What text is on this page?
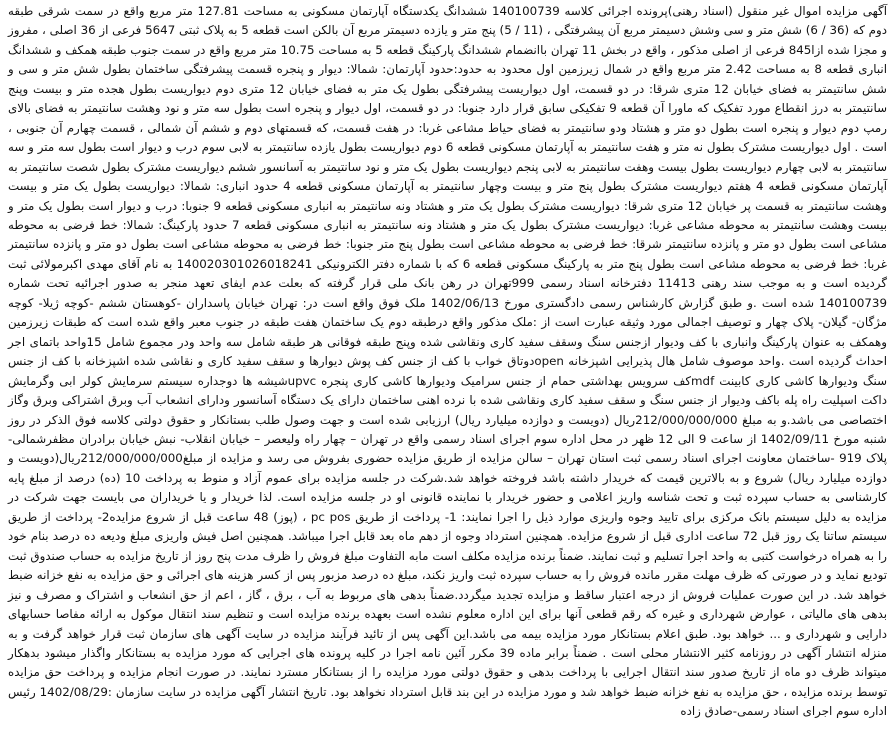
آگهی مزایده اموال غیر منقول (اسناد رهنی)پرونده اجرائی کلاسه 140100739 ششدانگ یکدستگاه آپارتمان مسکونی به مساحت 127.81 متر مربع واقع در سمت شرقی طبقه دوم که (36 / 6) شش متر و سی وشش دسیمتر مربع آن پیشرفتگی ، (11 / 5) پنج متر و یازده دسیمتر مربع آن بالکن است قطعه 5 به پلاک ثبتی 5647 فرعی از 36 اصلی ، مفروز و مجزا شده ازا845 فرعی از اصلی مذکور ، واقع در بخش 11 تهران باانضمام ششدانگ پارکینگ قطعه 5 به مساحت 10.75 متر مربع واقع در سمت جنوب طبقه همکف و ششدانگ انباری قطعه 8 به مساحت 2.42 متر مربع واقع در شمال زیرزمین اول محدود به حدود:حدود آپارتمان: شمالا: دیوار و پنجره قسمت پیشرفتگی ساختمان بطول شش متر و سی و شش سانتیمتر به فضای خیابان 12 متری شرقا: در دو قسمت، اول دیواریست پیشرفتگی بطول یک متر به فضای خیابان 12 متری دوم دیواریست بطول هجده متر و بیست وپنج سانتیمتر به درز انقطاع مورد تفکیک که ماورا آن قطعه 9 تفکیکی سابق قرار دارد جنوبا: در دو قسمت، اول دیوار و پنجره است بطول سه متر و نود وهشت سانتیمتر به فضای بالای رمپ دوم دیوار و پنجره است بطول دو متر و هشتاد ودو سانتیمتر به فضای حیاط مشاعی غربا: در هفت قسمت، که قسمتهای دوم و ششم آن شمالی ، قسمت چهارم آن جنوبی ، است . اول دیواریست مشترک بطول نه متر و هفت سانتیمتر به آپارتمان مسکونی قطعه 6 دوم دیواریست بطول یازده سانتیمتر به لابی سوم درب و دیوار است بطول سه متر و سه سانتیمتر به لابی چهارم دیواریست بطول بیست وهفت سانتیمتر به لابی پنجم دیواریست بطول یک متر و نود سانتیمتر به آسانسور ششم دیواریست مشترک بطول شصت سانتیمتر به آپارتمان مسکونی قطعه 4 هفتم دیواریست مشترک بطول پنج متر و بیست وچهار سانتیمتر به آپارتمان مسکونی قطعه 4 حدود انباری: شمالا: دیواریست بطول یک متر و بیست وهشت سانتیمتر به قسمت پر خیابان 12 متری شرقا: دیواریست مشترک بطول یک متر و هشتاد ونه سانتیمتر به انباری مسکونی قطعه 9 جنوبا: درب و دیوار است بطول یک متر و بیست وهشت سانتیمتر به محوطه مشاعی غربا: دیواریست مشترک بطول یک متر و هشتاد ونه سانتیمتر به انباری مسکونی قطعه 7 حدود پارکینگ: شمالا: خط فرضی به محوطه مشاعی است بطول دو متر و پانزده سانتیمتر شرقا: خط فرضی به محوطه مشاعی است بطول پنج متر جنوبا: خط فرضی به محوطه مشاعی است بطول دو متر و پانزده سانتیمتر غربا: خط فرضی به محوطه مشاعی است بطول پنج متر به پارکینگ مسکونی قطعه 6 که با شماره دفتر الکترونیکی 140020301026018241 به نام آقای مهدی اکبرمولائی ثبت گردیده است و به موجب سند رهنی 11413 دفترخانه اسناد رسمی 999تهران در رهن بانک ملی قرار گرفته که بعلت عدم ایفای تعهد منجر به صدور اجرائیه تحت شماره 140100739 شده است .و طبق گزارش کارشناس رسمی دادگستری مورخ 1402/06/13 ملک فوق واقع است در: تهران خیابان پاسداران -کوهستان ششم -کوچه ژیلا- کوچه مژگان- گیلان- پلاک چهار و توصیف اجمالی مورد وثیقه عبارت است از :ملک مذکور واقع درطبقه دوم یک ساختمان هفت طبقه در جنوب معبر واقع شده است که طبقات زیرزمین وهمکف به عنوان پارکینگ وانباری با کف ودیوار ازجنس سنگ وسقف سفید کاری ونقاشی شده وپنج طبقه فوقانی هر طبقه شامل سه واحد ودر مجموع شامل 15واحد باتمای اجر احداث گردیده است .واحد موصوف شامل هال پذیرایی اشپزخانه openدوتاق خواب با کف از جنس کف پوش دیوارها و سقف سفید کاری و نقاشی شده اشپزخانه با کف از جنس سنگ ودیوارها کاشی کاری کابینت mdfکف سرویس بهداشتی حمام از جنس سرامیک ودیوارها کاشی کاری پنجره upvcشیشه ها دوجداره سیستم سرمایش کولر ابی وگرمایش داکت اسپلیت راه پله باکف ودیوار از جنس سنگ و سقف سفید کاری ونقاشی شده با نرده اهنی ساختمان دارای یک دستگاه آسانسور ودارای انشعاب آب وبرق اشتراکی وبرق وگاز اختصاصی می باشد.و به مبلغ 212/000/000/000ریال (دویست و دوازده میلیارد ریال) ارزیابی شده است و جهت وصول طلب بستانکار و حقوق دولتی کلاسه فوق الذکر در روز شنبه مورخ 1402/09/11 از ساعت 9 الی 12 ظهر در محل اداره سوم اجرای اسناد رسمی واقع در تهران – چهار راه ولیعصر – خیابان انقلاب- نبش خیابان برادران مظفرشمالی- پلاک 919 -ساختمان معاونت اجرای اسناد رسمی ثبت استان تهران – سالن مزایده از طریق مزایده حضوری بفروش می رسد و مزایده از مبلغ212/000/000/000ریال(دویست و دوازده میلیارد ریال) شروع و به بالاترین قیمت که خریدار داشته باشد فروخته خواهد شد.شرکت در جلسه مزایده برای عموم آزاد و منوط به پرداخت 10 (ده) درصد از مبلغ پایه کارشناسی به حساب سپرده ثبت و تحت شناسه واریز اعلامی و حضور خریدار با نماینده قانونی او در جلسه مزایده است. لذا خریدار و یا خریداران می بایست جهت شرکت در مزایده به دلیل سیستم بانک مرکزی برای تایید وجوه واریزی موارد ذیل را اجرا نمایند: 1- پرداخت از طریق pc pos ، (پوز) 48 ساعت قبل از شروع مزایده2- پرداخت از طریق سیستم ساتنا یک روز قبل 72 ساعت اداری قبل از شروع مزایده. همچنین استرداد وجوه از دهم ماه بعد قابل اجرا میباشد. همچنین اصل فیش واریزی مبلغ ودیعه ده درصد بنام خود را به همراه درخواست کتبی به واحد اجرا تسلیم و ثبت نمایند. ضمناً برنده مزایده مکلف است مابه التفاوت مبلغ فروش را ظرف مدت پنج روز از تاریخ مزایده به حساب صندوق ثبت تودیع نماید و در صورتی که ظرف مهلت مقرر مانده فروش را به حساب سپرده ثبت واریز نکند، مبلغ ده درصد مزبور پس از کسر هزینه های اجرائی و حق مزایده به نفع خزانه ضبط خواهد شد. در این صورت عملیات فروش از درجه اعتبار ساقط و مزایده تجدید میگردد.ضمناً بدهی های مربوط به آب ، برق ، گاز ، اعم از حق انشعاب و اشتراک و مصرف و نیز بدهی های مالیاتی ، عوارض شهرداری و غیره که رقم قطعی آنها برای این اداره معلوم نشده است بعهده برنده مزایده است و تنظیم سند انتقال موکول به ارائه مفاصا حسابهای دارایی و شهرداری و ... خواهد بود. طبق اعلام بستانکار مورد مزایده بیمه می باشد.این آگهی پس از تائید فرآیند مزایده در سایت آگهی های سازمان ثبت قرار خواهد گرفت و به منزله انتشار آگهی در روزنامه کثیر الانتشار محلی است . ضمناً برابر ماده 39 مکرر آئین نامه اجرا در کلیه پرونده های اجرایی که مورد مزایده به بستانکار واگذار میشود بدهکار میتواند ظرف دو ماه از تاریخ صدور سند انتقال اجرایی با پرداخت بدهی و حقوق دولتی مورد مزایده را از بستانکار مسترد نمایند. در صورت انجام مزایده و پرداخت حق مزایده توسط برنده مزایده ، حق مزایده به نفع خزانه ضبط خواهد شد و مورد مزایده در این بند قابل استرداد نخواهد بود. تاریخ انتشار آگهی مزایده در سایت سازمان :1402/08/29 رئیس اداره سوم اجرای اسناد رسمی-صادق زاده
